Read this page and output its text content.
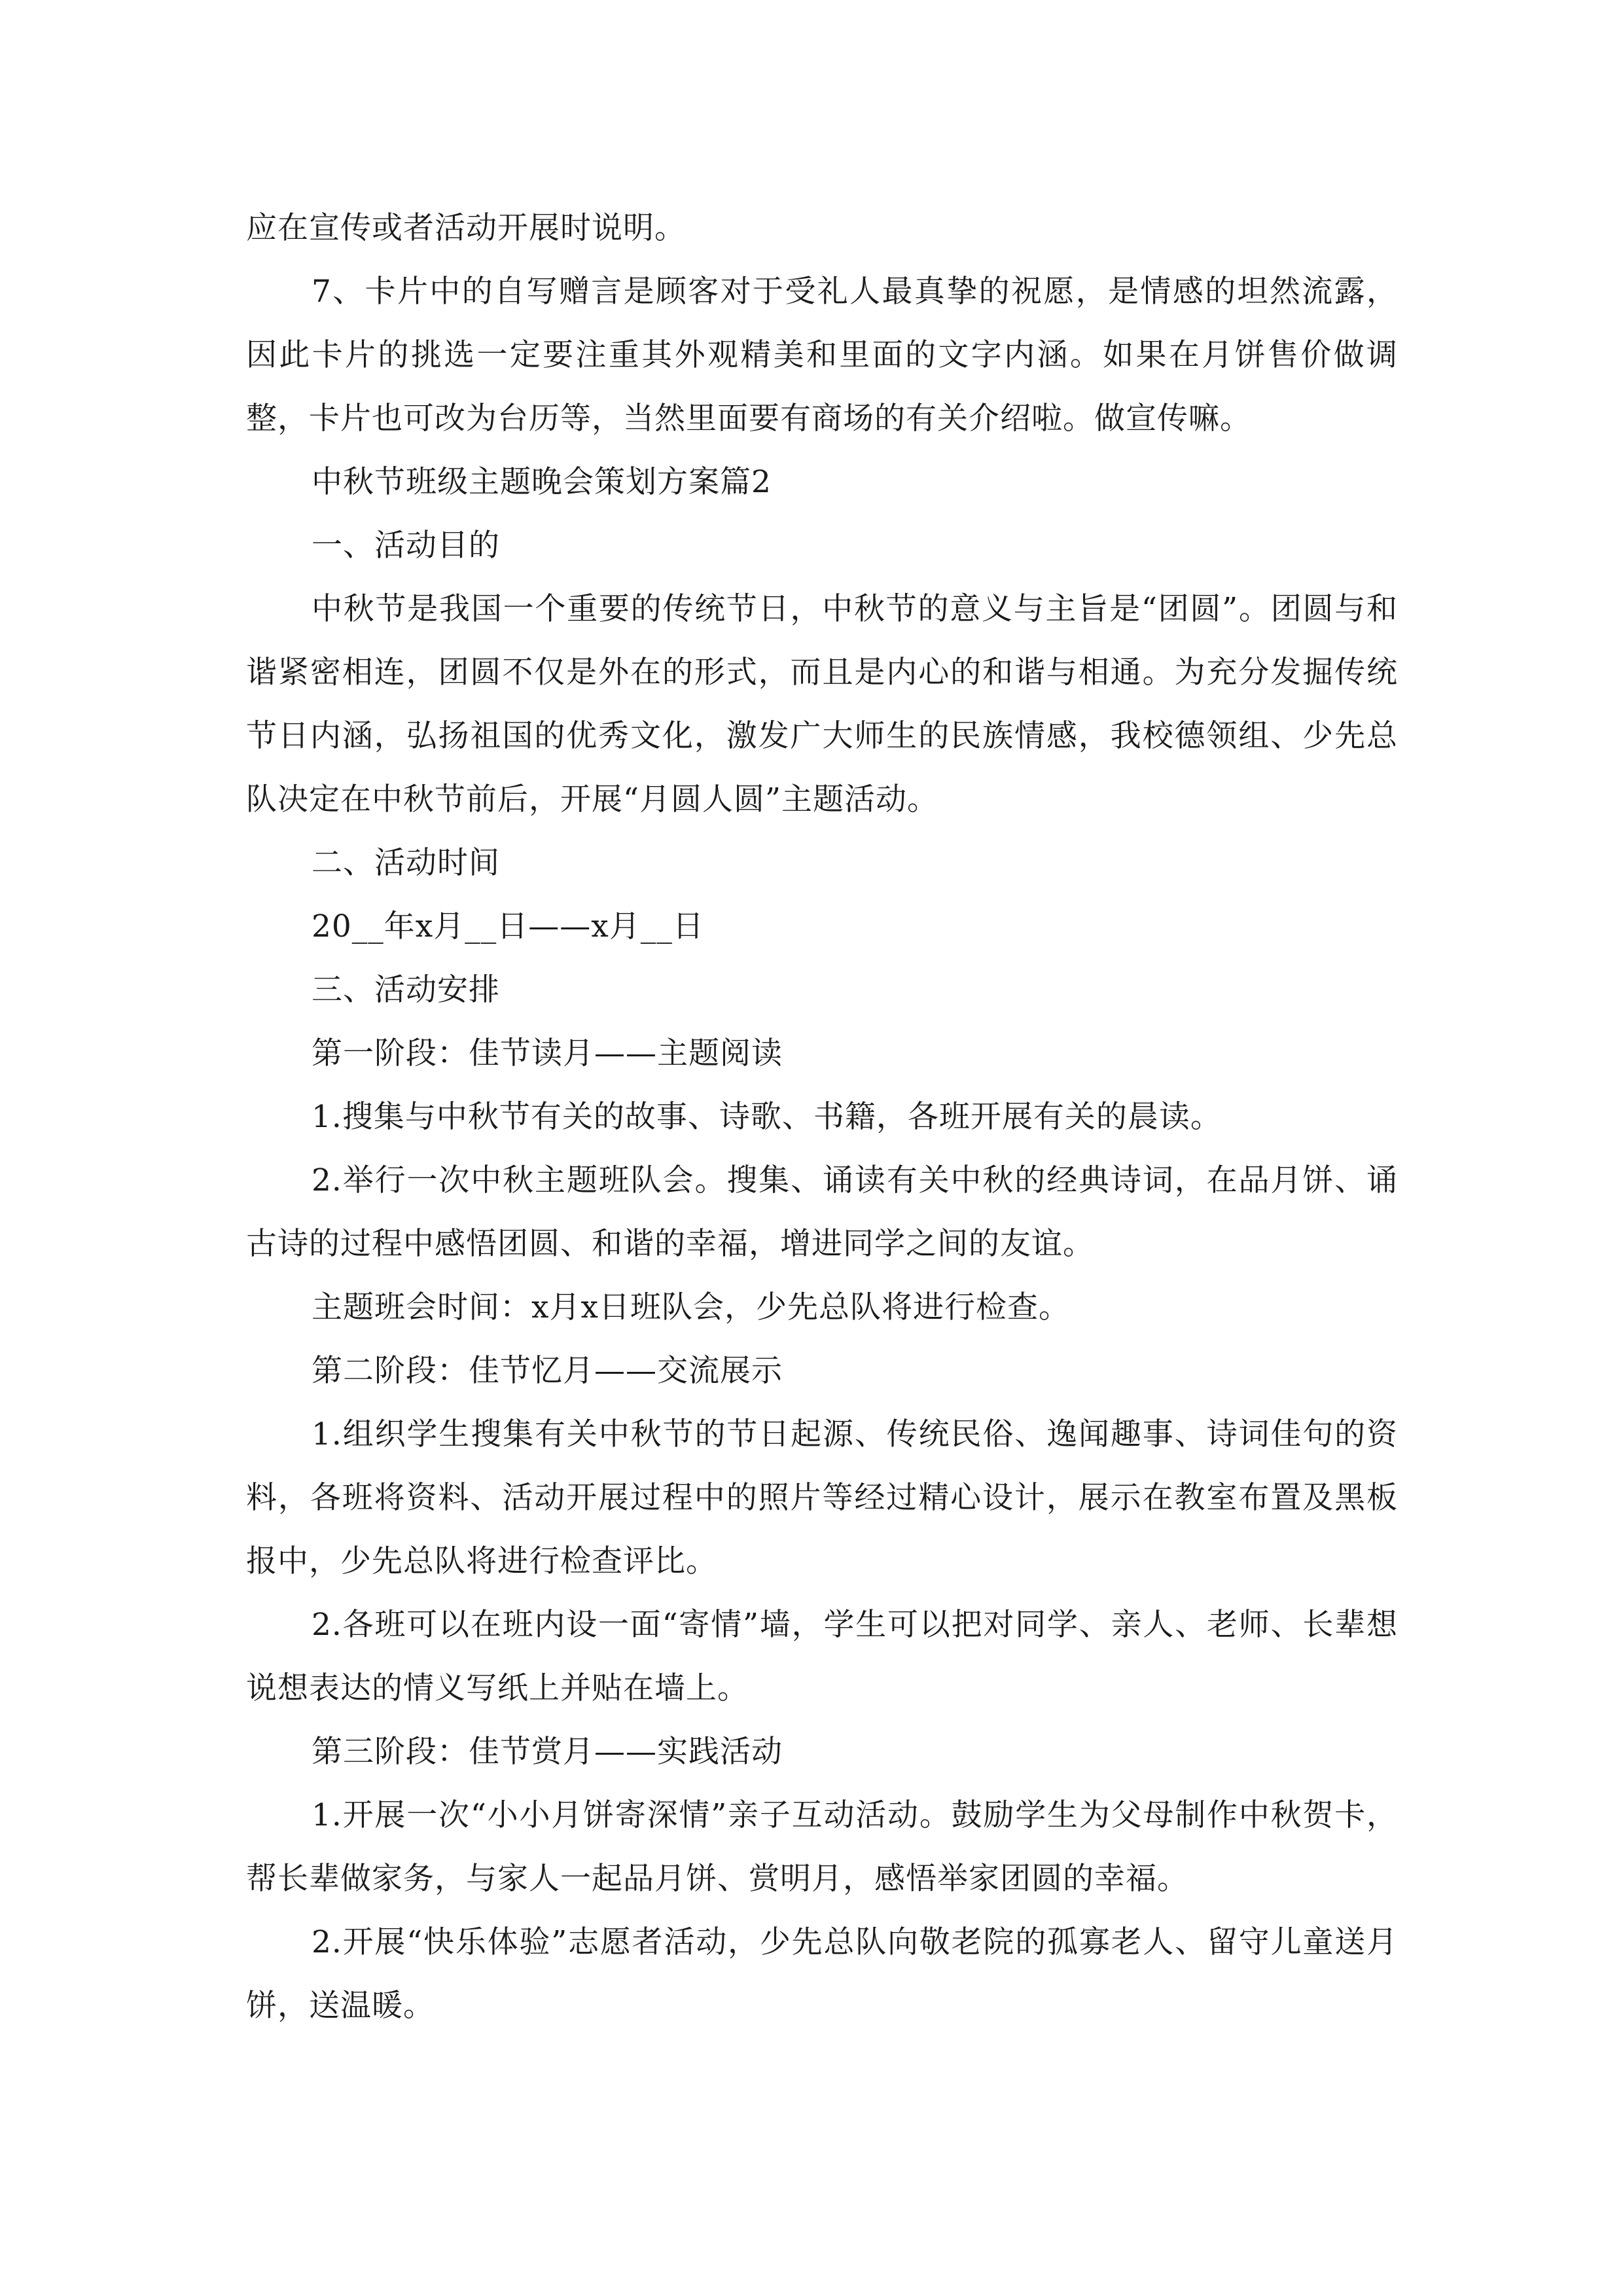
应在宣传或者活动开展时说明。

7、卡片中的自写赠言是顾客对于受礼人最真挚的祝愿，是情感的坦然流露，因此卡片的挑选一定要注重其外观精美和里面的文字内涵。如果在月饼售价做调整，卡片也可改为台历等，当然里面要有商场的有关介绍啦。做宣传嘛。

中秋节班级主题晚会策划方案篇2

一、活动目的

中秋节是我国一个重要的传统节日，中秋节的意义与主旨是“团圆”。团圆与和谐紧密相连，团圆不仅是外在的形式，而且是内心的和谐与相通。为充分发掘传统节日内涵，弘扬祖国的优秀文化，激发广大师生的民族情感，我校德领组、少先总队决定在中秋节前后，开展“月圆人圆”主题活动。

二、活动时间

20__年x月__日——x月__日

三、活动安排

第一阶段：佳节读月——主题阅读

1.搜集与中秋节有关的故事、诗歌、书籍，各班开展有关的晨读。

2.举行一次中秋主题班队会。搜集、诵读有关中秋的经典诗词，在品月饼、诵古诗的过程中感悟团圆、和谐的幸福，增进同学之间的友谊。

主题班会时间：x月x日班队会，少先总队将进行检查。

第二阶段：佳节忆月——交流展示

1.组织学生搜集有关中秋节的节日起源、传统民俗、逸闻趣事、诗词佳句的资料，各班将资料、活动开展过程中的照片等经过精心设计，展示在教室布置及黑板报中，少先总队将进行检查评比。

2.各班可以在班内设一面“寄情”墙，学生可以把对同学、亲人、老师、长辈想说想表达的情义写纸上并贴在墙上。

第三阶段：佳节赏月——实践活动

1.开展一次“小小月饼寄深情”亲子互动活动。鼓励学生为父母制作中秋贺卡，帮长辈做家务，与家人一起品月饼、赏明月，感悟举家团圆的幸福。

2.开展“快乐体验”志愿者活动，少先总队向敬老院的孤寡老人、留守儿童送月饼，送温暖。
